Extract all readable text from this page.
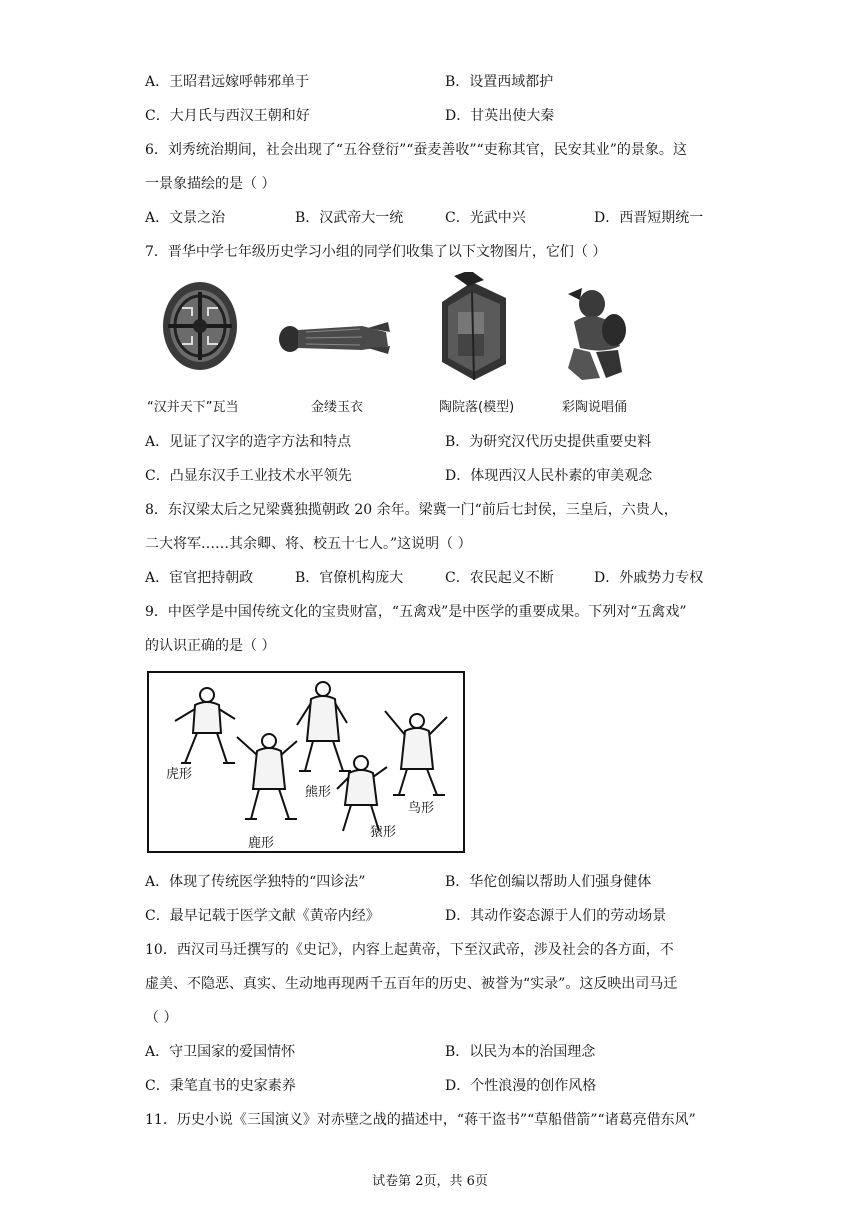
A．王昭君远嫁呼韩邪单于	B．设置西域都护
C．大月氏与西汉王朝和好	D．甘英出使大秦
6．刘秀统治期间，社会出现了“五谷登衍”“蚕麦善收”“吏称其官，民安其业”的景象。这
一景象描绘的是（ ）
A．文景之治	B．汉武帝大一统	C．光武中兴	D．西晋短期统一
7．晋华中学七年级历史学习小组的同学们收集了以下文物图片，它们（ ）
“汉并天下”瓦当	金缕玉衣	陶院落(模型)	彩陶说唱俑
A．见证了汉字的造字方法和特点	B．为研究汉代历史提供重要史料
C．凸显东汉手工业技术水平领先	D．体现西汉人民朴素的审美观念
8．东汉梁太后之兄梁冀独揽朝政 20 余年。梁冀一门“前后七封侯，三皇后，六贵人，
二大将军……其余卿、将、校五十七人。”这说明（ ）
A．宦官把持朝政	B．官僚机构庞大	C．农民起义不断	D．外戚势力专权
9．中医学是中国传统文化的宝贵财富，“五禽戏”是中医学的重要成果。下列对“五禽戏”
的认识正确的是（ ）
虎形
熊形
鹿形
猿形
鸟形
A．体现了传统医学独特的“四诊法”	B．华佗创编以帮助人们强身健体
C．最早记载于医学文献《黄帝内经》	D．其动作姿态源于人们的劳动场景
10．西汉司马迁撰写的《史记》，内容上起黄帝，下至汉武帝，涉及社会的各方面，不
虚美、不隐恶、真实、生动地再现两千五百年的历史、被誉为“实录”。这反映出司马迁
（ ）
A．守卫国家的爱国情怀	B．以民为本的治国理念
C．秉笔直书的史家素养	D．个性浪漫的创作风格
11．历史小说《三国演义》对赤壁之战的描述中，“蒋干盗书”“草船借箭”“诸葛亮借东风”
试卷第 2页，共 6页
